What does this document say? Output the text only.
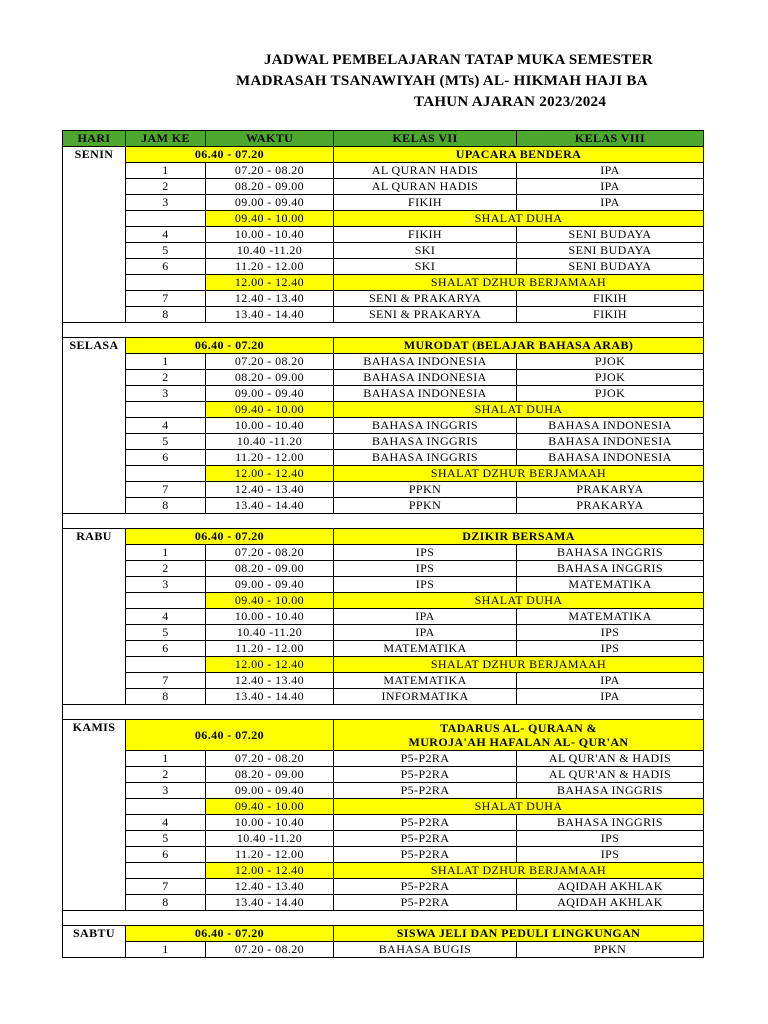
JADWAL PEMBELAJARAN TATAP MUKA SEMESTER
MADRASAH TSANAWIYAH (MTs) AL- HIKMAH HAJI BA
TAHUN AJARAN 2023/2024
HARI	JAM KE	WAKTU	KELAS VII	KELAS VIII
SENIN	06.40 - 07.20		UPACARA BENDERA	
	1	07.20 - 08.20	AL QURAN HADIS	IPA
	2	08.20 - 09.00	AL QURAN HADIS	IPA
	3	09.00 - 09.40	FIKIH	IPA
		09.40 - 10.00	SHALAT DUHA	
	4	10.00 - 10.40	FIKIH	SENI BUDAYA
	5	10.40 -11.20	SKI	SENI BUDAYA
	6	11.20 - 12.00	SKI	SENI BUDAYA
		12.00 - 12.40	SHALAT DZHUR BERJAMAAH	
	7	12.40 - 13.40	SENI & PRAKARYA	FIKIH
	8	13.40 - 14.40	SENI & PRAKARYA	FIKIH

SELASA	06.40 - 07.20		MURODAT (BELAJAR BAHASA ARAB)	
	1	07.20 - 08.20	BAHASA INDONESIA	PJOK
	2	08.20 - 09.00	BAHASA INDONESIA	PJOK
	3	09.00 - 09.40	BAHASA INDONESIA	PJOK
		09.40 - 10.00	SHALAT DUHA	
	4	10.00 - 10.40	BAHASA INGGRIS	BAHASA INDONESIA
	5	10.40 -11.20	BAHASA INGGRIS	BAHASA INDONESIA
	6	11.20 - 12.00	BAHASA INGGRIS	BAHASA INDONESIA
		12.00 - 12.40	SHALAT DZHUR BERJAMAAH	
	7	12.40 - 13.40	PPKN	PRAKARYA
	8	13.40 - 14.40	PPKN	PRAKARYA

RABU	06.40 - 07.20		DZIKIR BERSAMA	
	1	07.20 - 08.20	IPS	BAHASA INGGRIS
	2	08.20 - 09.00	IPS	BAHASA INGGRIS
	3	09.00 - 09.40	IPS	MATEMATIKA
		09.40 - 10.00	SHALAT DUHA	
	4	10.00 - 10.40	IPA	MATEMATIKA
	5	10.40 -11.20	IPA	IPS
	6	11.20 - 12.00	MATEMATIKA	IPS
		12.00 - 12.40	SHALAT DZHUR BERJAMAAH	
	7	12.40 - 13.40	MATEMATIKA	IPA
	8	13.40 - 14.40	INFORMATIKA	IPA

KAMIS	06.40 - 07.20		TADARUS AL- QURAAN &
MUROJA'AH HAFALAN AL- QUR'AN	

	1	07.20 - 08.20	P5-P2RA	AL QUR'AN & HADIS
	2	08.20 - 09.00	P5-P2RA	AL QUR'AN & HADIS
	3	09.00 - 09.40	P5-P2RA	BAHASA INGGRIS
		09.40 - 10.00	SHALAT DUHA	
	4	10.00 - 10.40	P5-P2RA	BAHASA INGGRIS
	5	10.40 -11.20	P5-P2RA	IPS
	6	11.20 - 12.00	P5-P2RA	IPS
		12.00 - 12.40	SHALAT DZHUR BERJAMAAH	
	7	12.40 - 13.40	P5-P2RA	AQIDAH AKHLAK
	8	13.40 - 14.40	P5-P2RA	AQIDAH AKHLAK

SABTU	06.40 - 07.20		SISWA JELI DAN PEDULI LINGKUNGAN	
	1	07.20 - 08.20	BAHASA BUGIS	PPKN
